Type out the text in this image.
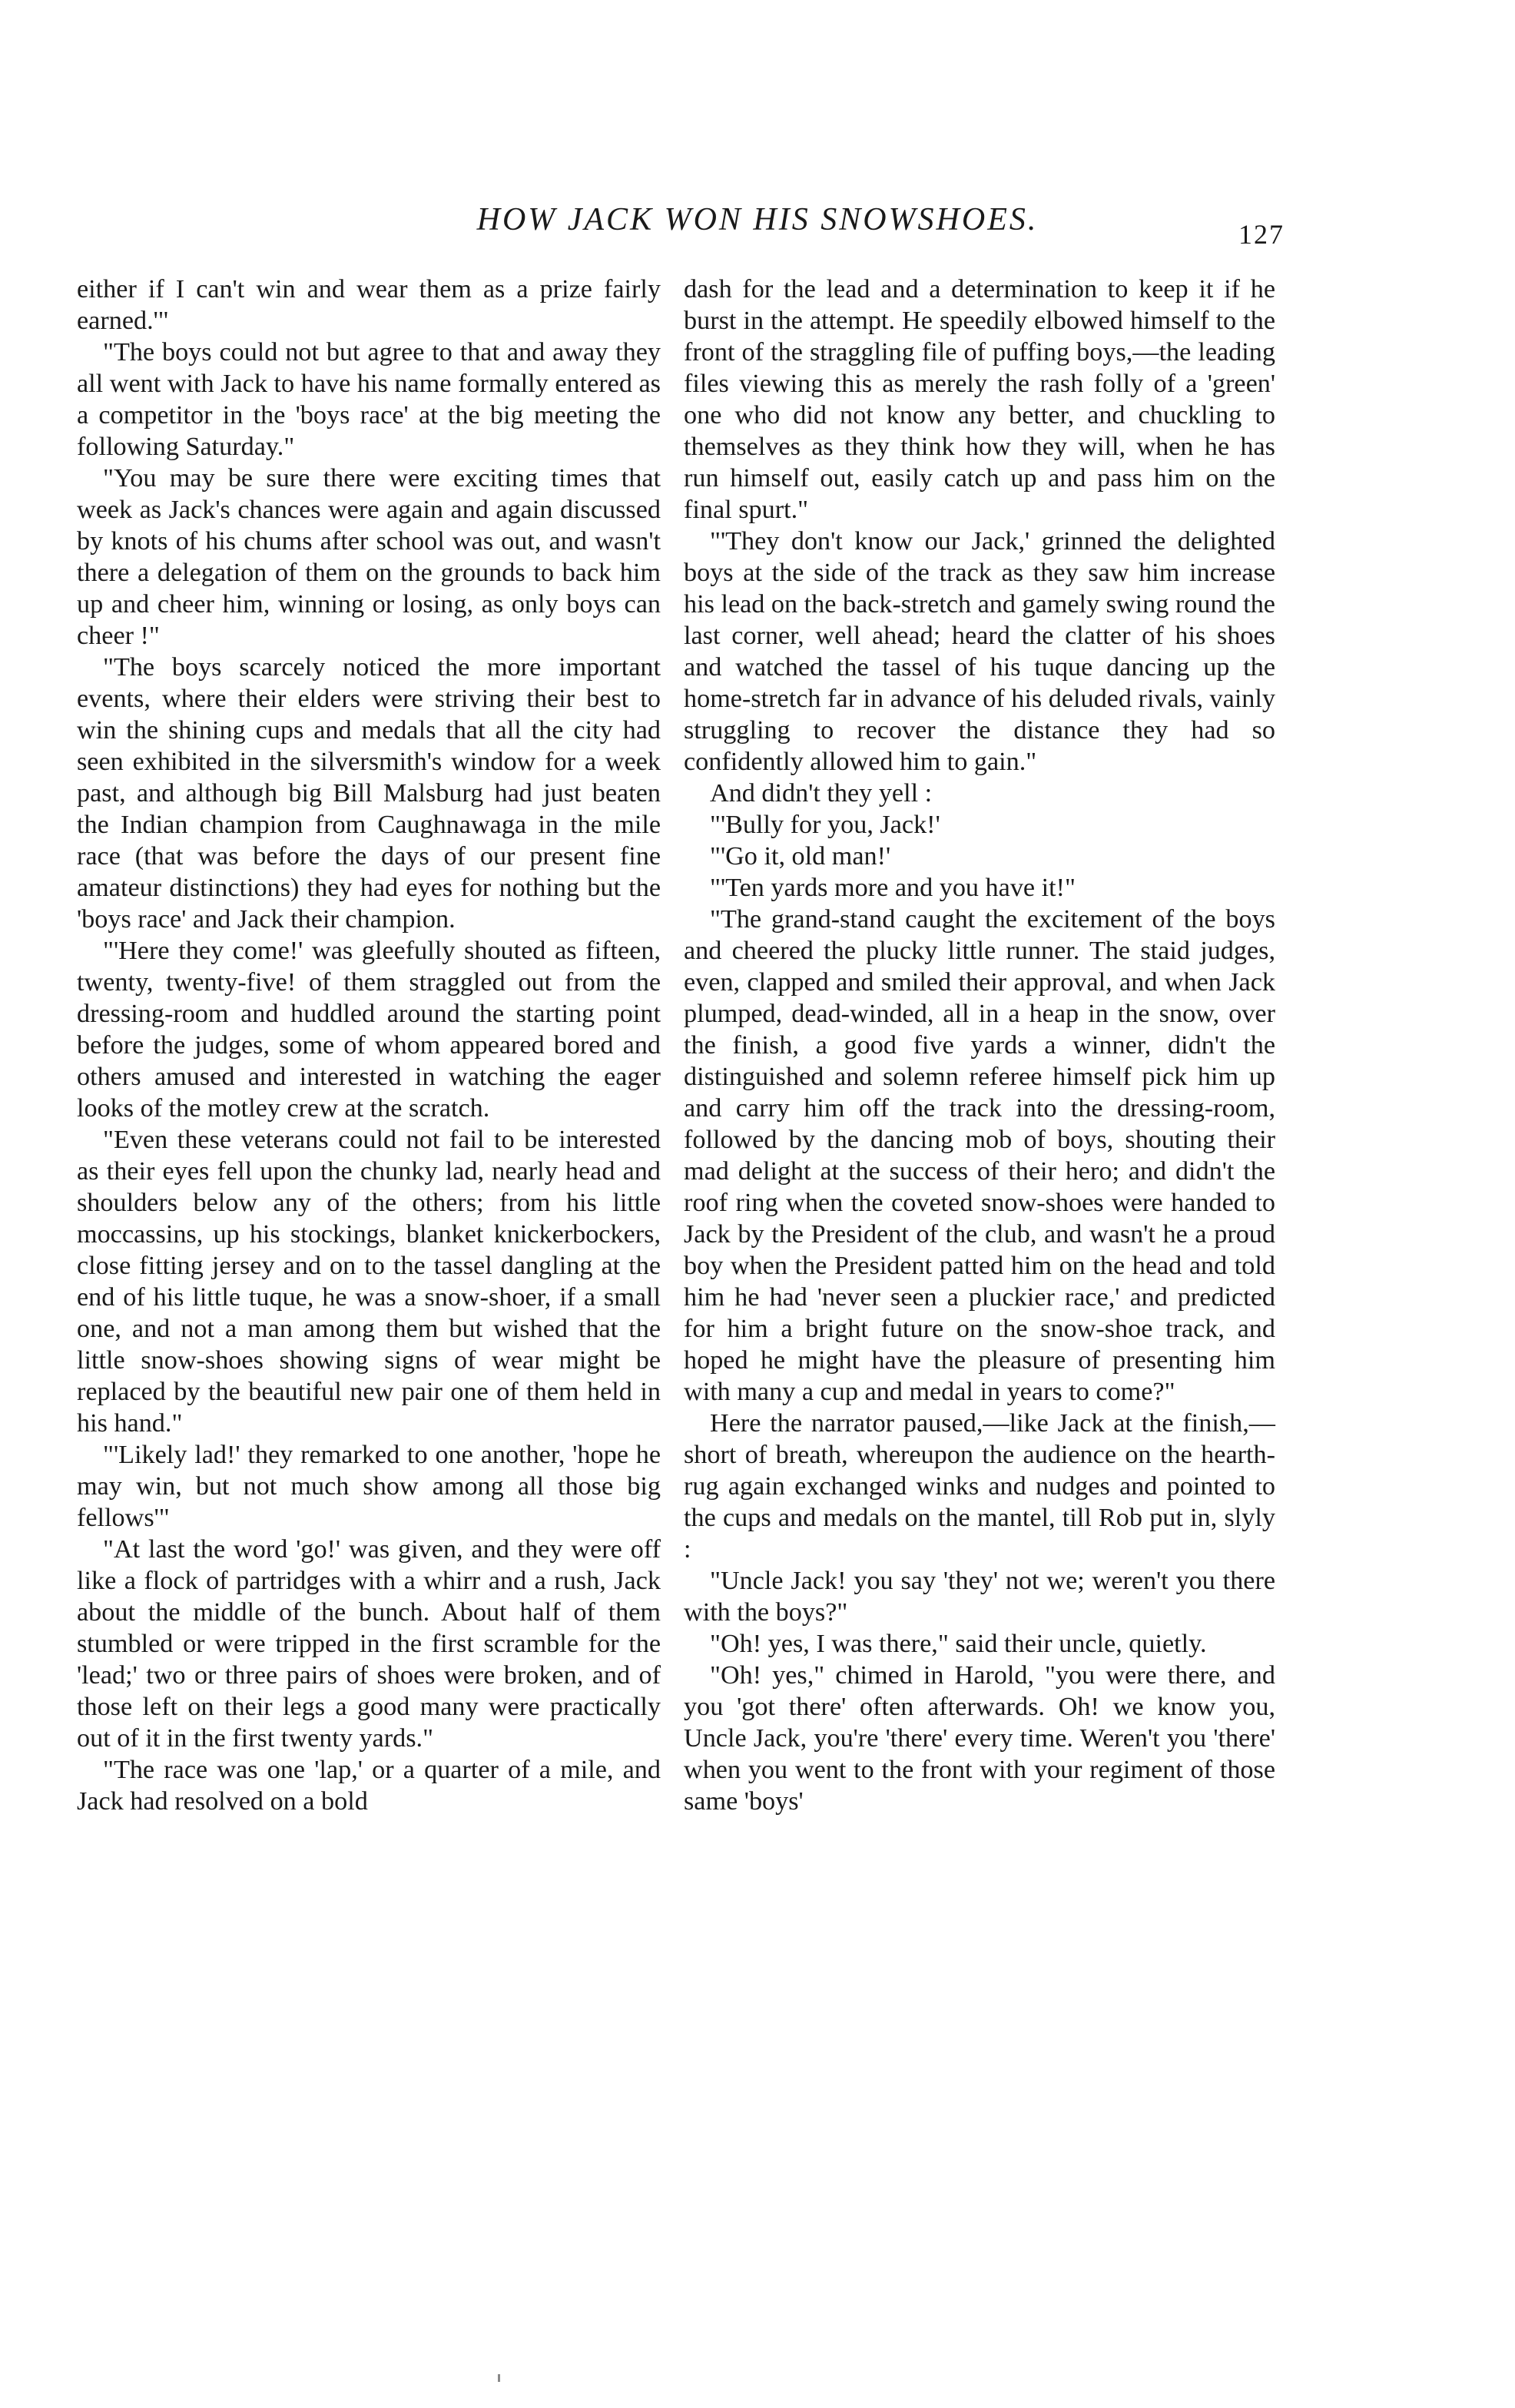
HOW JACK WON HIS SNOWSHOES.	127

either if I can't win and wear them as a prize fairly earned.'"

"The boys could not but agree to that and away they all went with Jack to have his name formally entered as a competitor in the 'boys race' at the big meeting the following Saturday."

"You may be sure there were exciting times that week as Jack's chances were again and again discussed by knots of his chums after school was out, and wasn't there a delegation of them on the grounds to back him up and cheer him, winning or losing, as only boys can cheer !"

"The boys scarcely noticed the more important events, where their elders were striving their best to win the shining cups and medals that all the city had seen exhibited in the silversmith's window for a week past, and although big Bill Malsburg had just beaten the Indian champion from Caughnawaga in the mile race (that was before the days of our present fine amateur distinctions) they had eyes for nothing but the 'boys race' and Jack their champion.

"'Here they come!' was gleefully shouted as fifteen, twenty, twenty-five! of them straggled out from the dressing-room and huddled around the starting point before the judges, some of whom appeared bored and others amused and interested in watching the eager looks of the motley crew at the scratch.

"Even these veterans could not fail to be interested as their eyes fell upon the chunky lad, nearly head and shoulders below any of the others; from his little moccassins, up his stockings, blanket knickerbockers, close fitting jersey and on to the tassel dangling at the end of his little tuque, he was a snow-shoer, if a small one, and not a man among them but wished that the little snow-shoes showing signs of wear might be replaced by the beautiful new pair one of them held in his hand."

"'Likely lad!' they remarked to one another, 'hope he may win, but not much show among all those big fellows'"

"At last the word 'go!' was given, and they were off like a flock of partridges with a whirr and a rush, Jack about the middle of the bunch. About half of them stumbled or were tripped in the first scramble for the 'lead;' two or three pairs of shoes were broken, and of those left on their legs a good many were practically out of it in the first twenty yards."

"The race was one 'lap,' or a quarter of a mile, and Jack had resolved on a bold

dash for the lead and a determination to keep it if he burst in the attempt. He speedily elbowed himself to the front of the straggling file of puffing boys,—the leading files viewing this as merely the rash folly of a 'green' one who did not know any better, and chuckling to themselves as they think how they will, when he has run himself out, easily catch up and pass him on the final spurt."

"'They don't know our Jack,' grinned the delighted boys at the side of the track as they saw him increase his lead on the back-stretch and gamely swing round the last corner, well ahead; heard the clatter of his shoes and watched the tassel of his tuque dancing up the home-stretch far in advance of his deluded rivals, vainly struggling to recover the distance they had so confidently allowed him to gain."

And didn't they yell :

"'Bully for you, Jack!'

"'Go it, old man!'

"'Ten yards more and you have it!"

"The grand-stand caught the excitement of the boys and cheered the plucky little runner. The staid judges, even, clapped and smiled their approval, and when Jack plumped, dead-winded, all in a heap in the snow, over the finish, a good five yards a winner, didn't the distinguished and solemn referee himself pick him up and carry him off the track into the dressing-room, followed by the dancing mob of boys, shouting their mad delight at the success of their hero; and didn't the roof ring when the coveted snow-shoes were handed to Jack by the President of the club, and wasn't he a proud boy when the President patted him on the head and told him he had 'never seen a pluckier race,' and predicted for him a bright future on the snow-shoe track, and hoped he might have the pleasure of presenting him with many a cup and medal in years to come?"

Here the narrator paused,—like Jack at the finish,—short of breath, whereupon the audience on the hearth-rug again exchanged winks and nudges and pointed to the cups and medals on the mantel, till Rob put in, slyly :

"Uncle Jack! you say 'they' not we; weren't you there with the boys?"

"Oh! yes, I was there," said their uncle, quietly.

"Oh! yes," chimed in Harold, "you were there, and you 'got there' often afterwards. Oh! we know you, Uncle Jack, you're 'there' every time. Weren't you 'there' when you went to the front with your regiment of those same 'boys'
